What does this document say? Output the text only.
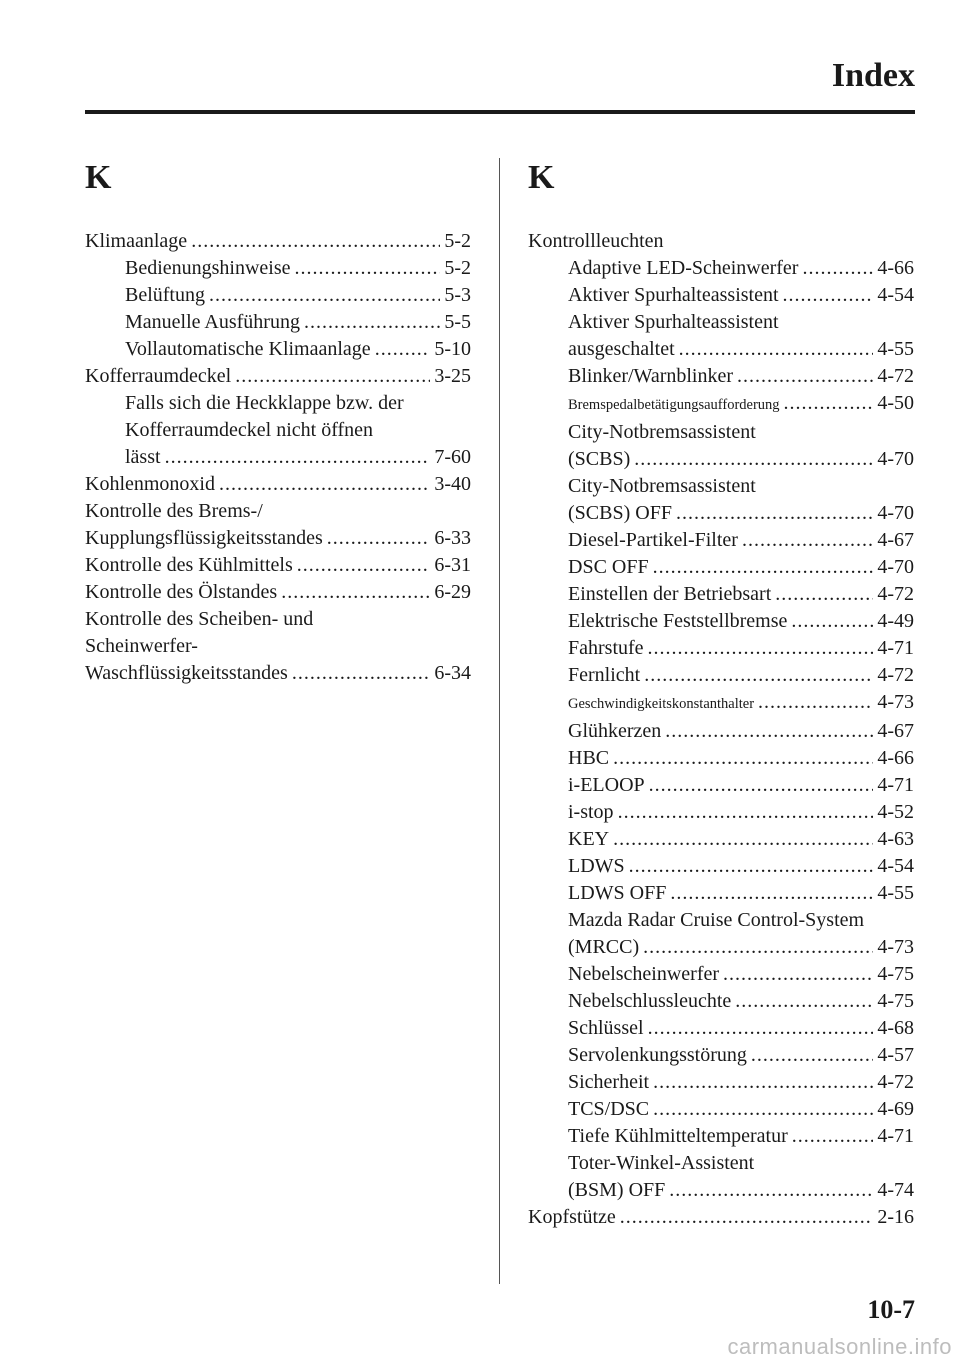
Index
K
Klimaanlage .....	5-2
Bedienungshinweise .....	5-2
Belüftung .....	5-3
Manuelle Ausführung .....	5-5
Vollautomatische Klimaanlage .....	5-10
Kofferraumdeckel .....	3-25
Falls sich die Heckklappe bzw. der
Kofferraumdeckel nicht öffnen
lässt .....	7-60
Kohlenmonoxid .....	3-40
Kontrolle des Brems-/
Kupplungsflüssigkeitsstandes .....	6-33
Kontrolle des Kühlmittels .....	6-31
Kontrolle des Ölstandes .....	6-29
Kontrolle des Scheiben- und
Scheinwerfer-
Waschflüssigkeitsstandes .....	6-34
K
Kontrollleuchten
Adaptive LED-Scheinwerfer .....	4-66
Aktiver Spurhalteassistent .....	4-54
Aktiver Spurhalteassistent
ausgeschaltet .....	4-55
Blinker/Warnblinker .....	4-72
Bremspedalbetätigungsaufforderung .....	4-50
City-Notbremsassistent
(SCBS) .....	4-70
City-Notbremsassistent
(SCBS) OFF .....	4-70
Diesel-Partikel-Filter .....	4-67
DSC OFF .....	4-70
Einstellen der Betriebsart .....	4-72
Elektrische Feststellbremse .....	4-49
Fahrstufe .....	4-71
Fernlicht .....	4-72
Geschwindigkeitskonstanthalter .....	4-73
Glühkerzen .....	4-67
HBC .....	4-66
i-ELOOP .....	4-71
i-stop .....	4-52
KEY .....	4-63
LDWS .....	4-54
LDWS OFF .....	4-55
Mazda Radar Cruise Control-System
(MRCC) .....	4-73
Nebelscheinwerfer .....	4-75
Nebelschlussleuchte .....	4-75
Schlüssel .....	4-68
Servolenkungsstörung .....	4-57
Sicherheit .....	4-72
TCS/DSC .....	4-69
Tiefe Kühlmitteltemperatur .....	4-71
Toter-Winkel-Assistent
(BSM) OFF .....	4-74
Kopfstütze .....	2-16
10-7
carmanualsonline.info
